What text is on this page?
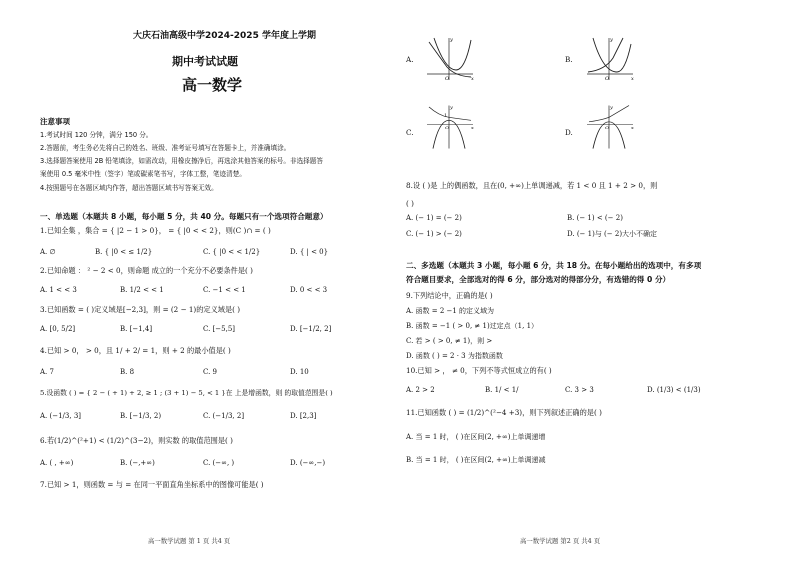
大庆石油高级中学2024-2025 学年度上学期
期中考试试题
高一数学
注意事项
1.考试时间 120 分钟，满分 150 分。
2.答题前，考生务必先将自己的姓名、班级、准考证号填写在答题卡上，并准确填涂。
3.选择题答案使用 2B 铅笔填涂，如需改动，用橡皮擦净后，再选涂其他答案的标号。非选择题答
案使用 0.5 毫米中性（签字）笔或碳素笔书写，字体工整，笔迹清楚。
4.按照题号在各题区域内作答，超出答题区域书写答案无效。
一、单选题（本题共 8 小题，每小题 5 分，共 40 分。每题只有一个选项符合题意）
1.已知全集 ，集合 = { |2 − 1 > 0}， = { |0 < < 2}，则(C )∩ = ( )
A. ∅	B. { |0 < ≤ 1/2}	C. { |0 < < 1/2}	D. { | < 0}
2.已知命题 ： ² − 2 < 0，则命题 成立的一个充分不必要条件是( )
A. 1 < < 3	B. 1/2 < < 1	C. −1 < < 1	D. 0 < < 3
3.已知函数 = ( )定义域是[−2,3]，则 = (2 − 1)的定义域是( )
A. [0, 5/2]	B. [−1,4]	C. [−5,5]	D. [−1/2, 2]
4.已知 > 0， > 0，且 1/ + 2/ = 1，则 + 2 的最小值是( )
A. 7	B. 8	C. 9	D. 10
5.设函数 ( ) = { 2 − ( + 1) + 2, ≥ 1 ; (3 + 1) − 5, < 1 }在 上是增函数，则 的取值范围是( )
A. (−1/3, 3]	B. [−1/3, 2)	C. (−1/3, 2]	D. [2,3]
6.若(1/2)^(²+1) < (1/2)^(3−2)，则实数 的取值范围是( )
A. ( , +∞)	B. (−,+∞)	C. (−∞, )	D. (−∞,−)
7.已知 > 1，则函数 = 与 = 在同一平面直角坐标系中的图像可能是( )
高一数学试题 第 1 页 共4 页
A.
O	x
y
B.
O	x
y
C.	O	x
y
1
D.	O	x
y
8.设 ( )是 上的偶函数，且在(0, +∞)上单调递减，若 1 < 0 且 1 + 2 > 0，则
( )
A. (− 1) = (− 2)	B. (− 1) < (− 2)
C. (− 1) > (− 2)	D. (− 1)与 (− 2)大小不确定
二、多选题（本题共 3 小题，每小题 6 分，共 18 分。在每小题给出的选项中，有多项
符合题目要求，全部选对的得 6 分，部分选对的得部分分，有选错的得 0 分）
9.下列结论中，正确的是( )
A. 函数 = 2 −1 的定义域为
B. 函数 = −1 ( > 0, ≠ 1)过定点（1, 1）
C. 若 > ( > 0, ≠ 1)，则 >
D. 函数 ( ) = 2 · 3 为指数函数
10.已知 > ， ≠ 0，下列不等式恒成立的有( )
A. 2 > 2	B. 1/ < 1/	C. 3 > 3	D. (1/3) < (1/3)
11.已知函数 ( ) = (1/2)^(²−4 +3)，则下列叙述正确的是( )
A. 当 = 1 时， ( )在区间(2, +∞)上单调递增
B. 当 = 1 时， ( )在区间(2, +∞)上单调递减
高一数学试题 第2 页 共4 页
